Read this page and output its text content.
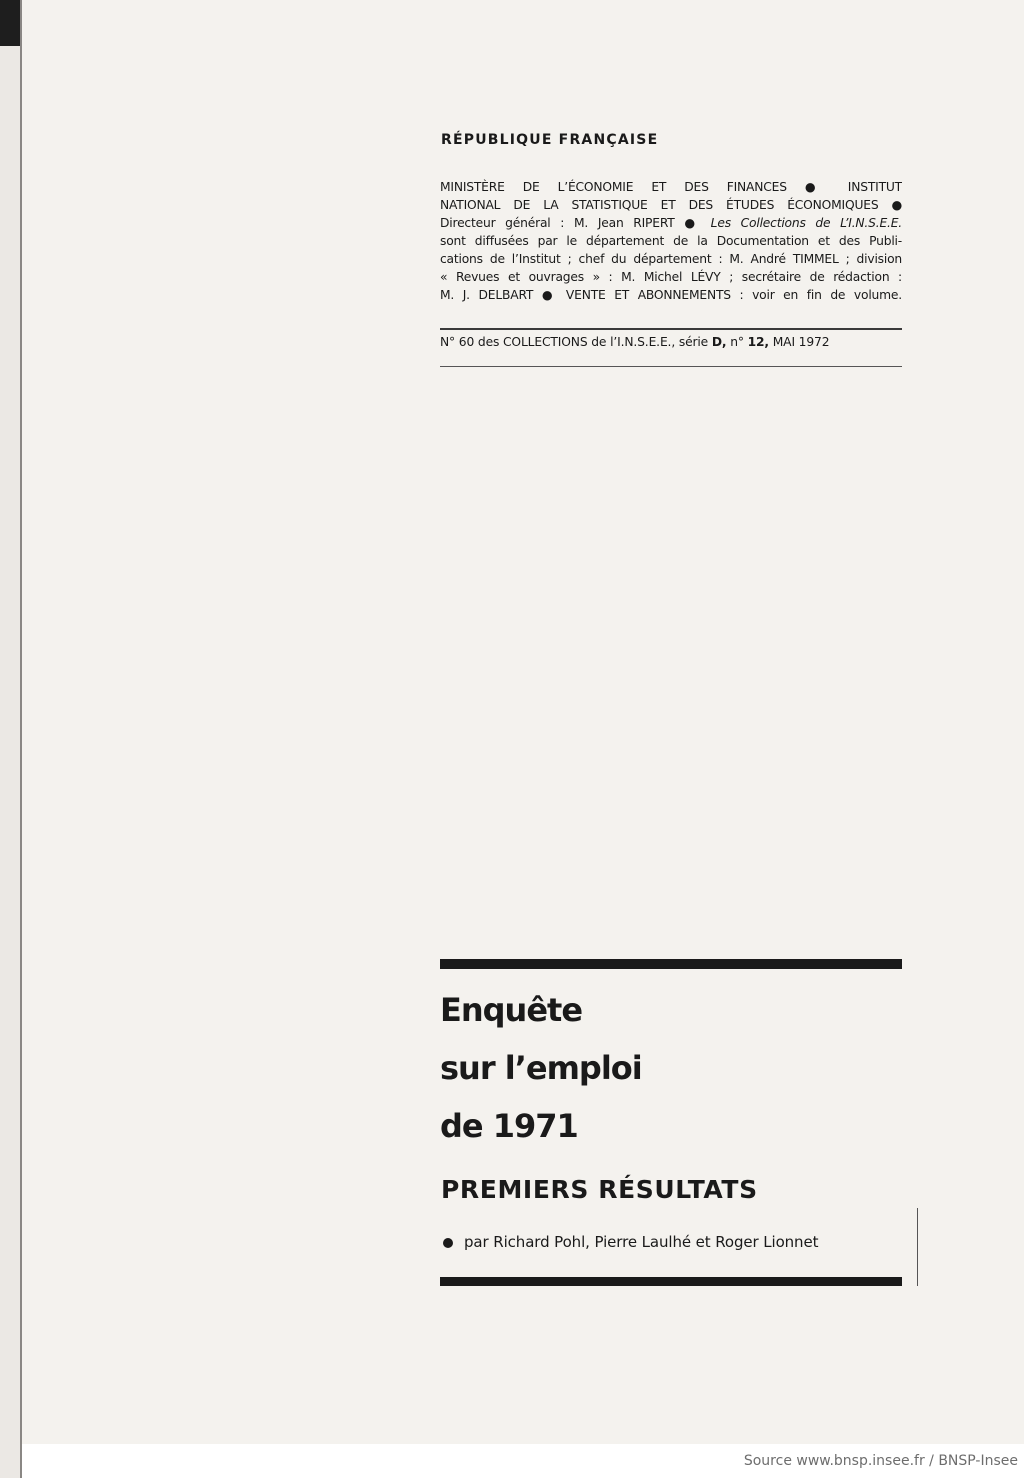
RÉPUBLIQUE FRANÇAISE
MINISTÈRE DE L’ÉCONOMIE ET DES FINANCES ● INSTITUT
NATIONAL DE LA STATISTIQUE ET DES ÉTUDES ÉCONOMIQUES ●
Directeur général : M. Jean RIPERT ● Les Collections de L’I.N.S.E.E.
sont diffusées par le département de la Documentation et des Publi-
cations de l’Institut ; chef du département : M. André TIMMEL ; division
« Revues et ouvrages » : M. Michel LÉVY ; secrétaire de rédaction :
M. J. DELBART ● VENTE ET ABONNEMENTS : voir en fin de volume.
N° 60 des COLLECTIONS de l’I.N.S.E.E., série D, n° 12, MAI 1972
Enquête
sur l’emploi
de 1971
PREMIERS RÉSULTATS
par Richard Pohl, Pierre Laulhé et Roger Lionnet
Source www.bnsp.insee.fr / BNSP-Insee
